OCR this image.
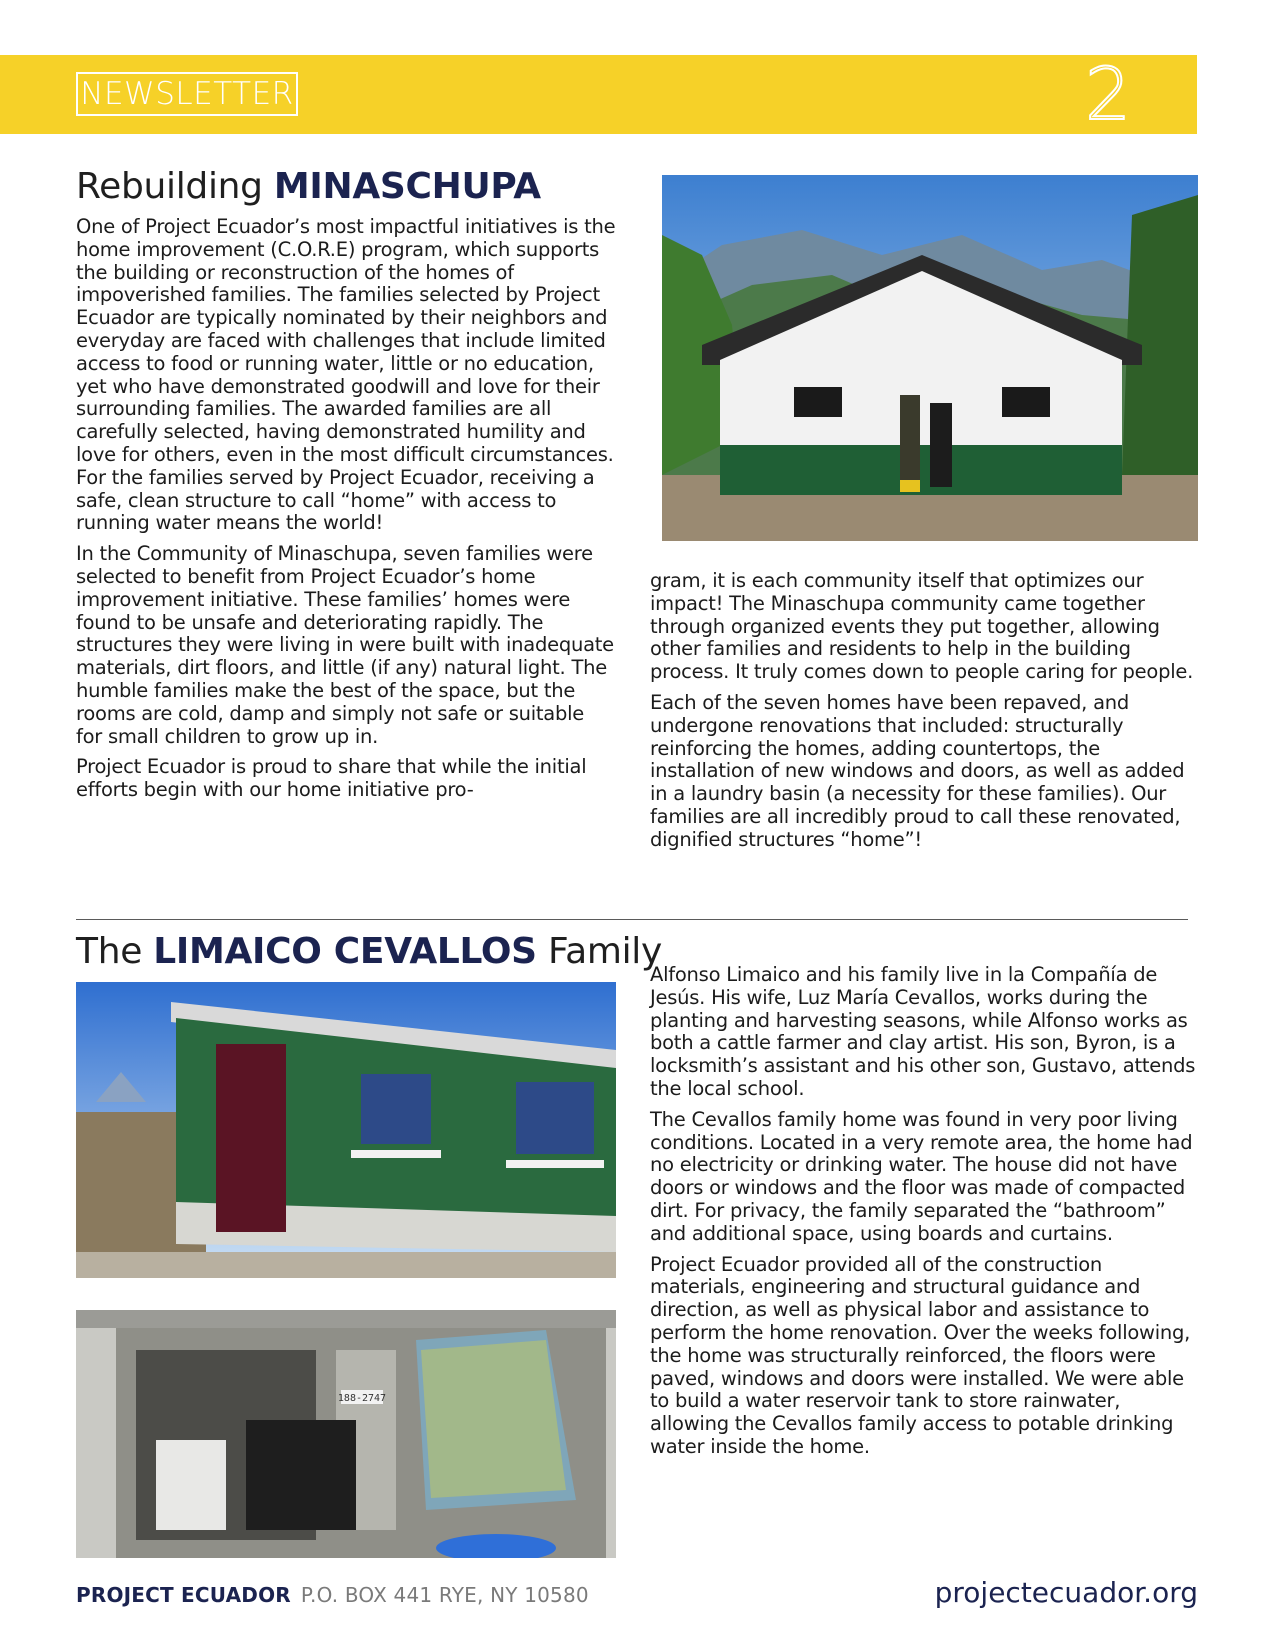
NEWSLETTER	2
Rebuilding MINASCHUPA

One of Project Ecuador’s most impactful initiatives is the home improvement (C.O.R.E) program, which supports the building or reconstruction of the homes of impoverished families. The families selected by Project Ecuador are typically nominated by their neighbors and everyday are faced with challenges that include limited access to food or running water, little or no education, yet who have demonstrated goodwill and love for their surrounding families. The awarded families are all carefully selected, having demonstrated humility and love for others, even in the most difficult circumstances. For the families served by Project Ecuador, receiving a safe, clean structure to call “home” with access to running water means the world!

In the Community of Minaschupa, seven families were selected to benefit from Project Ecuador’s home improvement initiative. These families’ homes were found to be unsafe and deteriorating rapidly. The structures they were living in were built with inadequate materials, dirt floors, and little (if any) natural light. The humble families make the best of the space, but the rooms are cold, damp and simply not safe or suitable for small children to grow up in.

Project Ecuador is proud to share that while the initial efforts begin with our home initiative pro-

gram, it is each community itself that optimizes our impact! The Minaschupa community came together through organized events they put together, allowing other families and residents to help in the building process. It truly comes down to people caring for people.

Each of the seven homes have been repaved, and undergone renovations that included: structurally reinforcing the homes, adding countertops, the installation of new windows and doors, as well as added in a laundry basin (a necessity for these families). Our families are all incredibly proud to call these renovated, dignified structures “home”!

The LIMAICO CEVALLOS Family
188-2747

Alfonso Limaico and his family live in la Compañía de Jesús. His wife, Luz María Cevallos, works during the planting and harvesting seasons, while Alfonso works as both a cattle farmer and clay artist. His son, Byron, is a locksmith’s assistant and his other son, Gustavo, attends the local school.

The Cevallos family home was found in very poor living conditions. Located in a very remote area, the home had no electricity or drinking water. The house did not have doors or windows and the floor was made of compacted dirt. For privacy, the family separated the “bathroom” and additional space, using boards and curtains.

Project Ecuador provided all of the construction materials, engineering and structural guidance and direction, as well as physical labor and assistance to perform the home renovation. Over the weeks following, the home was structurally reinforced, the floors were paved, windows and doors were installed. We were able to build a water reservoir tank to store rainwater, allowing the Cevallos family access to potable drinking water inside the home.

PROJECT ECUADOR P.O. BOX 441 RYE, NY 10580	projectecuador.org
